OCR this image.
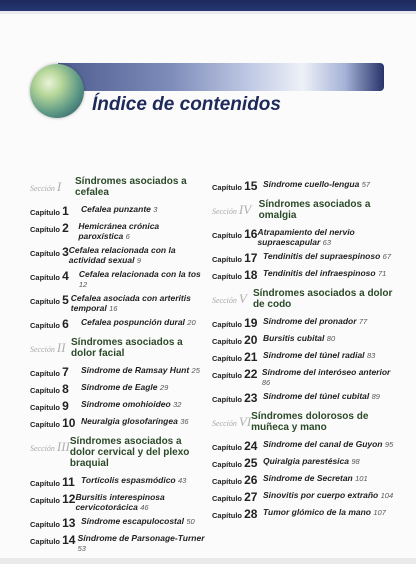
Índice de contenidos
Sección I	Síndromes asociados a cefalea
Capítulo 1	Cefalea punzante 3
Capítulo 2	Hemicránea crónica paroxística 6
Capítulo 3 Cefalea relacionada con la actividad sexual 9
Capítulo 4	Cefalea relacionada con la tos 12
Capítulo 5 Cefalea asociada con arteritis temporal 16
Capítulo 6	Cefalea pospunción dural 20
Sección II Síndromes asociados a dolor facial
Capítulo 7	Síndrome de Ramsay Hunt 25
Capítulo 8	Síndrome de Eagle 29
Capítulo 9	Síndrome omohioideo 32
Capítulo 10 Neuralgia glosofaríngea 36
Sección III Síndromes asociados a dolor cervical y del plexo braquial
Capítulo 11 Tortícolis espasmódico 43
Capítulo 12 Bursitis interespinosa cervicotorácica 46
Capítulo 13 Síndrome escapulocostal 50
Capítulo 14 Síndrome de Parsonage-Turner 53
Capítulo 15 Síndrome cuello-lengua 57
Sección IV Síndromes asociados a omalgia
Capítulo 16 Atrapamiento del nervio supraescapular 63
Capítulo 17 Tendinitis del supraespinoso 67
Capítulo 18 Tendinitis del infraespinoso 71
Sección V Síndromes asociados a dolor de codo
Capítulo 19 Síndrome del pronador 77
Capítulo 20 Bursitis cubital 80
Capítulo 21 Síndrome del túnel radial 83
Capítulo 22 Síndrome del interóseo anterior 86
Capítulo 23 Síndrome del túnel cubital 89
Sección VI Síndromes dolorosos de muñeca y mano
Capítulo 24 Síndrome del canal de Guyon 95
Capítulo 25 Quiralgia parestésica 98
Capítulo 26 Síndrome de Secretan 101
Capítulo 27 Sinovitis por cuerpo extraño 104
Capítulo 28 Tumor glómico de la mano 107
